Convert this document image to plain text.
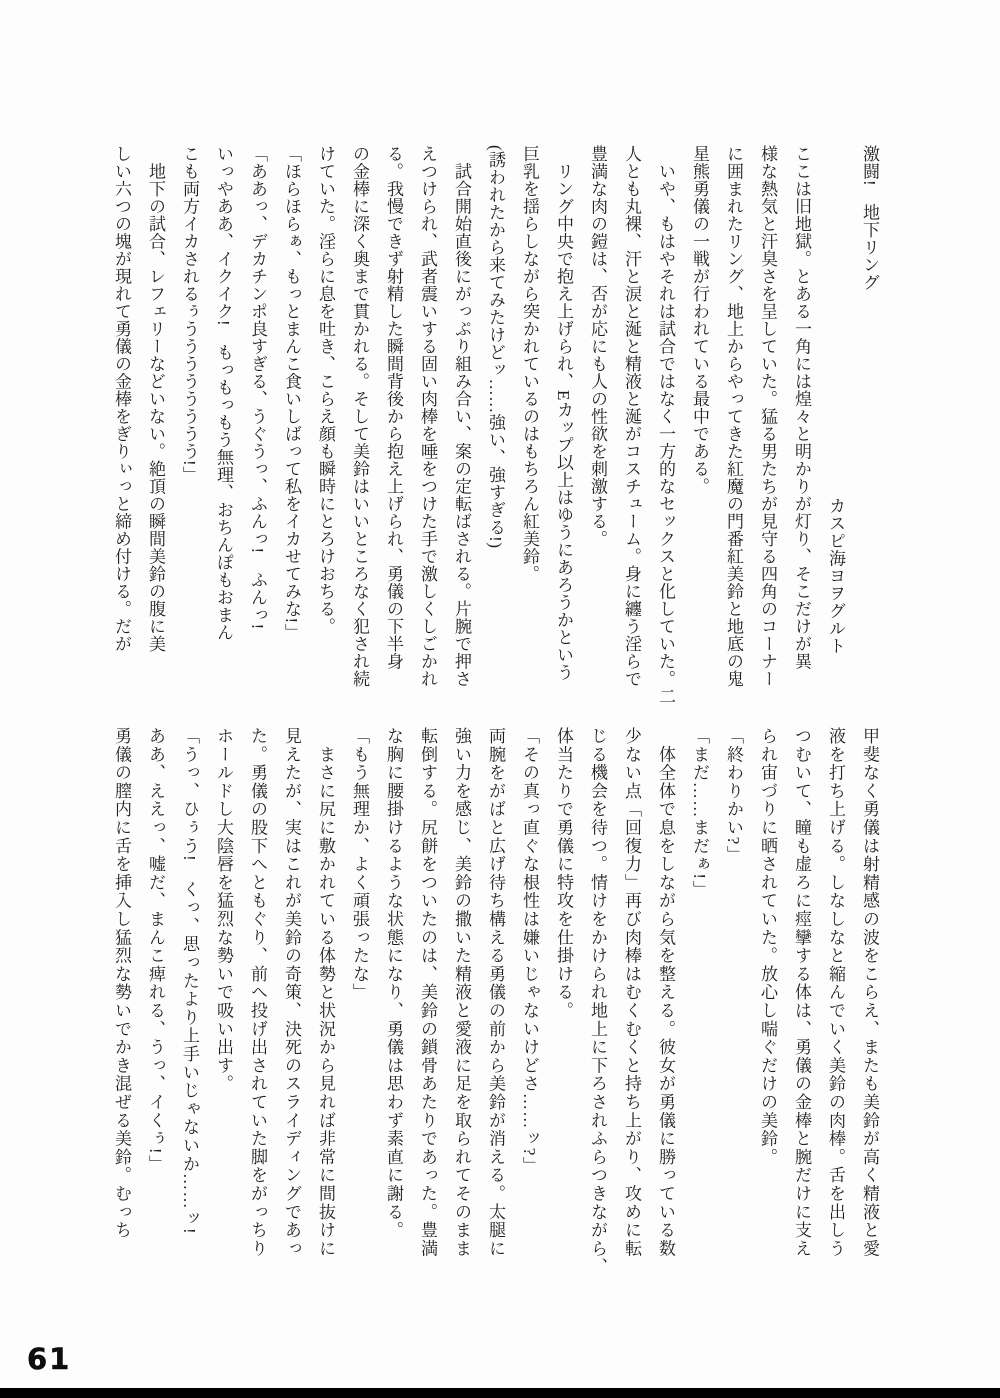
激闘!　地下リング

カスピ海ヨヲグルト

ここは旧地獄。とある一角には煌々と明かりが灯り、そこだけが異

様な熱気と汗臭さを呈していた。猛る男たちが見守る四角のコーナー

に囲まれたリング、地上からやってきた紅魔の門番紅美鈴と地底の鬼

星熊勇儀の一戦が行われている最中である。

　いや、もはやそれは試合ではなく一方的なセックスと化していた。二

人とも丸裸、汗と涙と涎と精液と涎がコスチューム。身に纏う淫らで

豊満な肉の鎧は、否が応にも人の性欲を刺激する。

　リング中央で抱え上げられ、Eカップ以上はゆうにあろうかという

巨乳を揺らしながら突かれているのはもちろん紅美鈴。

(誘われたから来てみたけどッ……強い、強すぎる!)

　試合開始直後にがっぷり組み合い、案の定転ばされる。片腕で押さ

えつけられ、武者震いする固い肉棒を唾をつけた手で激しくしごかれ

る。我慢できず射精した瞬間背後から抱え上げられ、勇儀の下半身

の金棒に深く奥まで貫かれる。そして美鈴はいいところなく犯され続

けていた。淫らに息を吐き、こらえ顔も瞬時にとろけおちる。

「ほらほらぁ、もっとまんこ食いしばって私をイカせてみな!」

「ああっ、デカチンポ良すぎる、うぐうっ、ふんっ!　ふんっ!

いっやああ、イクイク!　もっもっもう無理、おちんぽもおまん

こも両方イカされるぅうううううううう!」

　地下の試合、レフェリーなどいない。絶頂の瞬間美鈴の腹に美

しい六つの塊が現れて勇儀の金棒をぎりぃっと締め付ける。だが

甲斐なく勇儀は射精感の波をこらえ、またも美鈴が高く精液と愛

液を打ち上げる。しなしなと縮んでいく美鈴の肉棒。舌を出しう

つむいて、瞳も虚ろに痙攣する体は、勇儀の金棒と腕だけに支え

られ宙づりに晒されていた。放心し喘ぐだけの美鈴。

「終わりかい?」

「まだ……まだぁ!」

　体全体で息をしながら気を整える。彼女が勇儀に勝っている数

少ない点「回復力」再び肉棒はむくむくと持ち上がり、攻めに転

じる機会を待つ。情けをかけられ地上に下ろされふらつきながら、

体当たりで勇儀に特攻を仕掛ける。

「その真っ直ぐな根性は嫌いじゃないけどさ……ッ?」

両腕をがばと広げ待ち構える勇儀の前から美鈴が消える。太腿に

強い力を感じ、美鈴の撒いた精液と愛液に足を取られてそのまま

転倒する。尻餅をついたのは、美鈴の鎖骨あたりであった。豊満

な胸に腰掛けるような状態になり、勇儀は思わず素直に謝る。

「もう無理か、よく頑張ったな」

　まさに尻に敷かれている体勢と状況から見れば非常に間抜けに

見えたが、実はこれが美鈴の奇策、決死のスライディングであっ

た。勇儀の股下へともぐり、前へ投げ出されていた脚をがっちり

ホールドし大陰唇を猛烈な勢いで吸い出す。

「うっ、ひぅう!　くっ、思ったより上手いじゃないか……ッ!

ああ、ええっ、嘘だ、まんこ痺れる、うっ、イくぅ!」

勇儀の膣内に舌を挿入し猛烈な勢いでかき混ぜる美鈴。むっち

61
